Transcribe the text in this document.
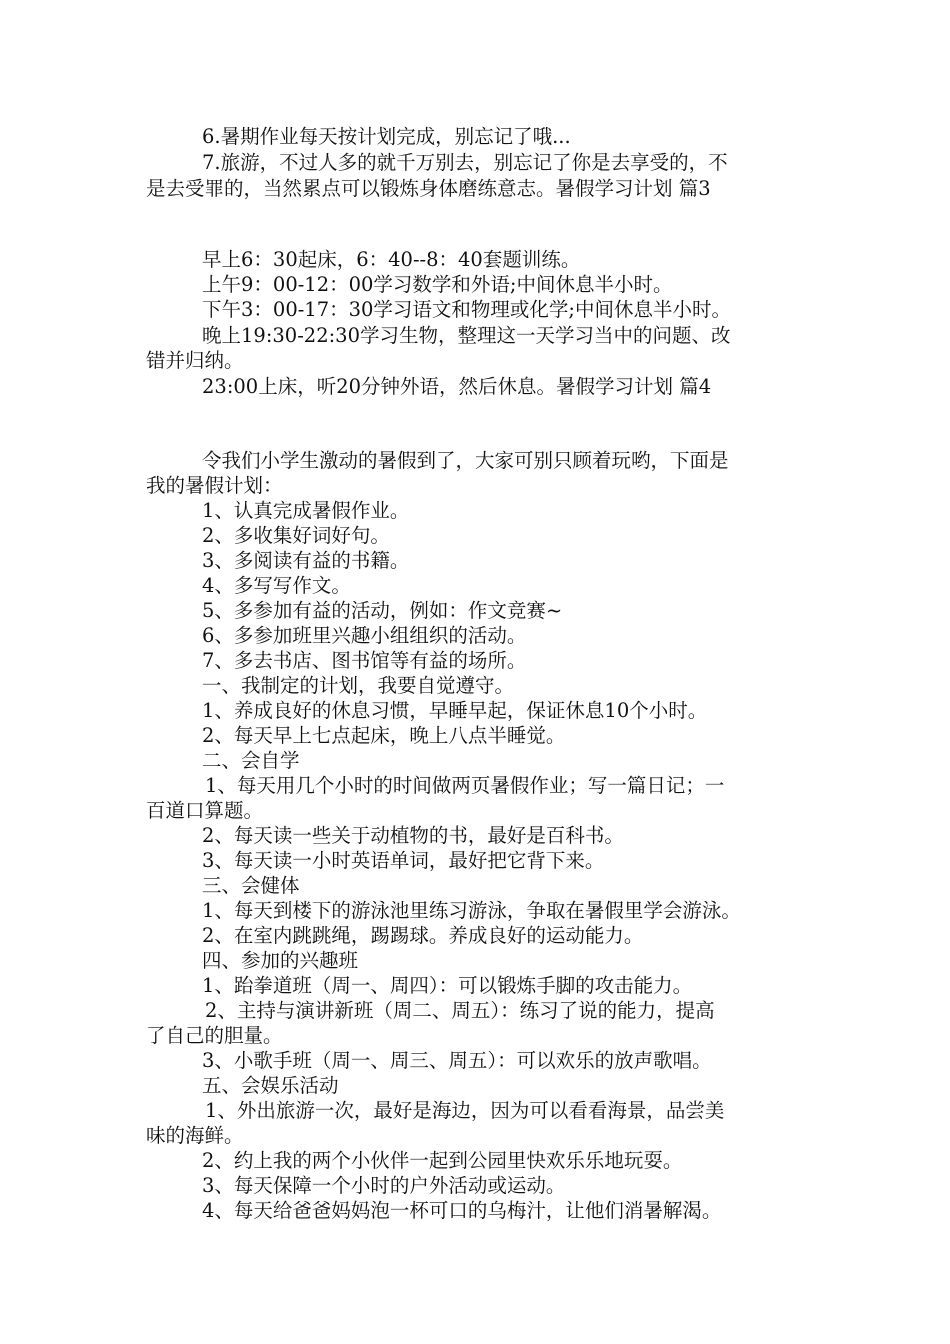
6.暑期作业每天按计划完成，别忘记了哦...

7.旅游，不过人多的就千万别去，别忘记了你是去享受的，不

是去受罪的，当然累点可以锻炼身体磨练意志。暑假学习计划 篇3

早上6：30起床，6：40--8：40套题训练。

上午9：00-12：00学习数学和外语;中间休息半小时。

下午3：00-17：30学习语文和物理或化学;中间休息半小时。

晚上19:30-22:30学习生物，整理这一天学习当中的问题、改

错并归纳。

23:00上床，听20分钟外语，然后休息。暑假学习计划 篇4

令我们小学生激动的暑假到了，大家可别只顾着玩哟，下面是

我的暑假计划：

1、认真完成暑假作业。

2、多收集好词好句。

3、多阅读有益的书籍。

4、多写写作文。

5、多参加有益的活动，例如：作文竞赛~

6、多参加班里兴趣小组组织的活动。

7、多去书店、图书馆等有益的场所。

一、我制定的计划，我要自觉遵守。

1、养成良好的休息习惯，早睡早起，保证休息10个小时。

2、每天早上七点起床，晚上八点半睡觉。

二、会自学

1、每天用几个小时的时间做两页暑假作业；写一篇日记；一

百道口算题。

2、每天读一些关于动植物的书，最好是百科书。

3、每天读一小时英语单词，最好把它背下来。

三、会健体

1、每天到楼下的游泳池里练习游泳，争取在暑假里学会游泳。

2、在室内跳跳绳，踢踢球。养成良好的运动能力。

四、参加的兴趣班

1、跆拳道班（周一、周四）：可以锻炼手脚的攻击能力。

2、主持与演讲新班（周二、周五）：练习了说的能力，提高

了自己的胆量。

3、小歌手班（周一、周三、周五）：可以欢乐的放声歌唱。

五、会娱乐活动

1、外出旅游一次，最好是海边，因为可以看看海景，品尝美

味的海鲜。

2、约上我的两个小伙伴一起到公园里快欢乐乐地玩耍。

3、每天保障一个小时的户外活动或运动。

4、每天给爸爸妈妈泡一杯可口的乌梅汁，让他们消暑解渴。
